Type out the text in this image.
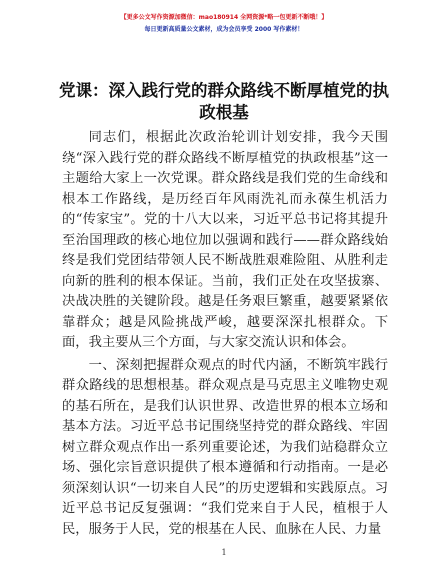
【更多公文写作资源加微信：mao180914 全网资源*略一包更新不断哦！】
每日更新高质量公文素材，成为会员享受 2000 写作素材！
党课：深入践行党的群众路线不断厚植党的执政根基

同志们，根据此次政治轮训计划安排，我今天围绕“深入践行党的群众路线不断厚植党的执政根基”这一主题给大家上一次党课。群众路线是我们党的生命线和根本工作路线，是历经百年风雨洗礼而永葆生机活力的“传家宝”。党的十八大以来，习近平总书记将其提升至治国理政的核心地位加以强调和践行——群众路线始终是我们党团结带领人民不断战胜艰难险阻、从胜利走向新的胜利的根本保证。当前，我们正处在攻坚拔寨、决战决胜的关键阶段。越是任务艰巨繁重，越要紧紧依靠群众；越是风险挑战严峻，越要深深扎根群众。下面，我主要从三个方面，与大家交流认识和体会。

一、深刻把握群众观点的时代内涵，不断筑牢践行群众路线的思想根基。群众观点是马克思主义唯物史观的基石所在，是我们认识世界、改造世界的根本立场和基本方法。习近平总书记围绕坚持党的群众路线、牢固树立群众观点作出一系列重要论述，为我们站稳群众立场、强化宗旨意识提供了根本遵循和行动指南。一是必须深刻认识“一切来自人民”的历史逻辑和实践原点。习近平总书记反复强调：“我们党来自于人民，植根于人民，服务于人民，党的根基在人民、血脉在人民、力量

1
